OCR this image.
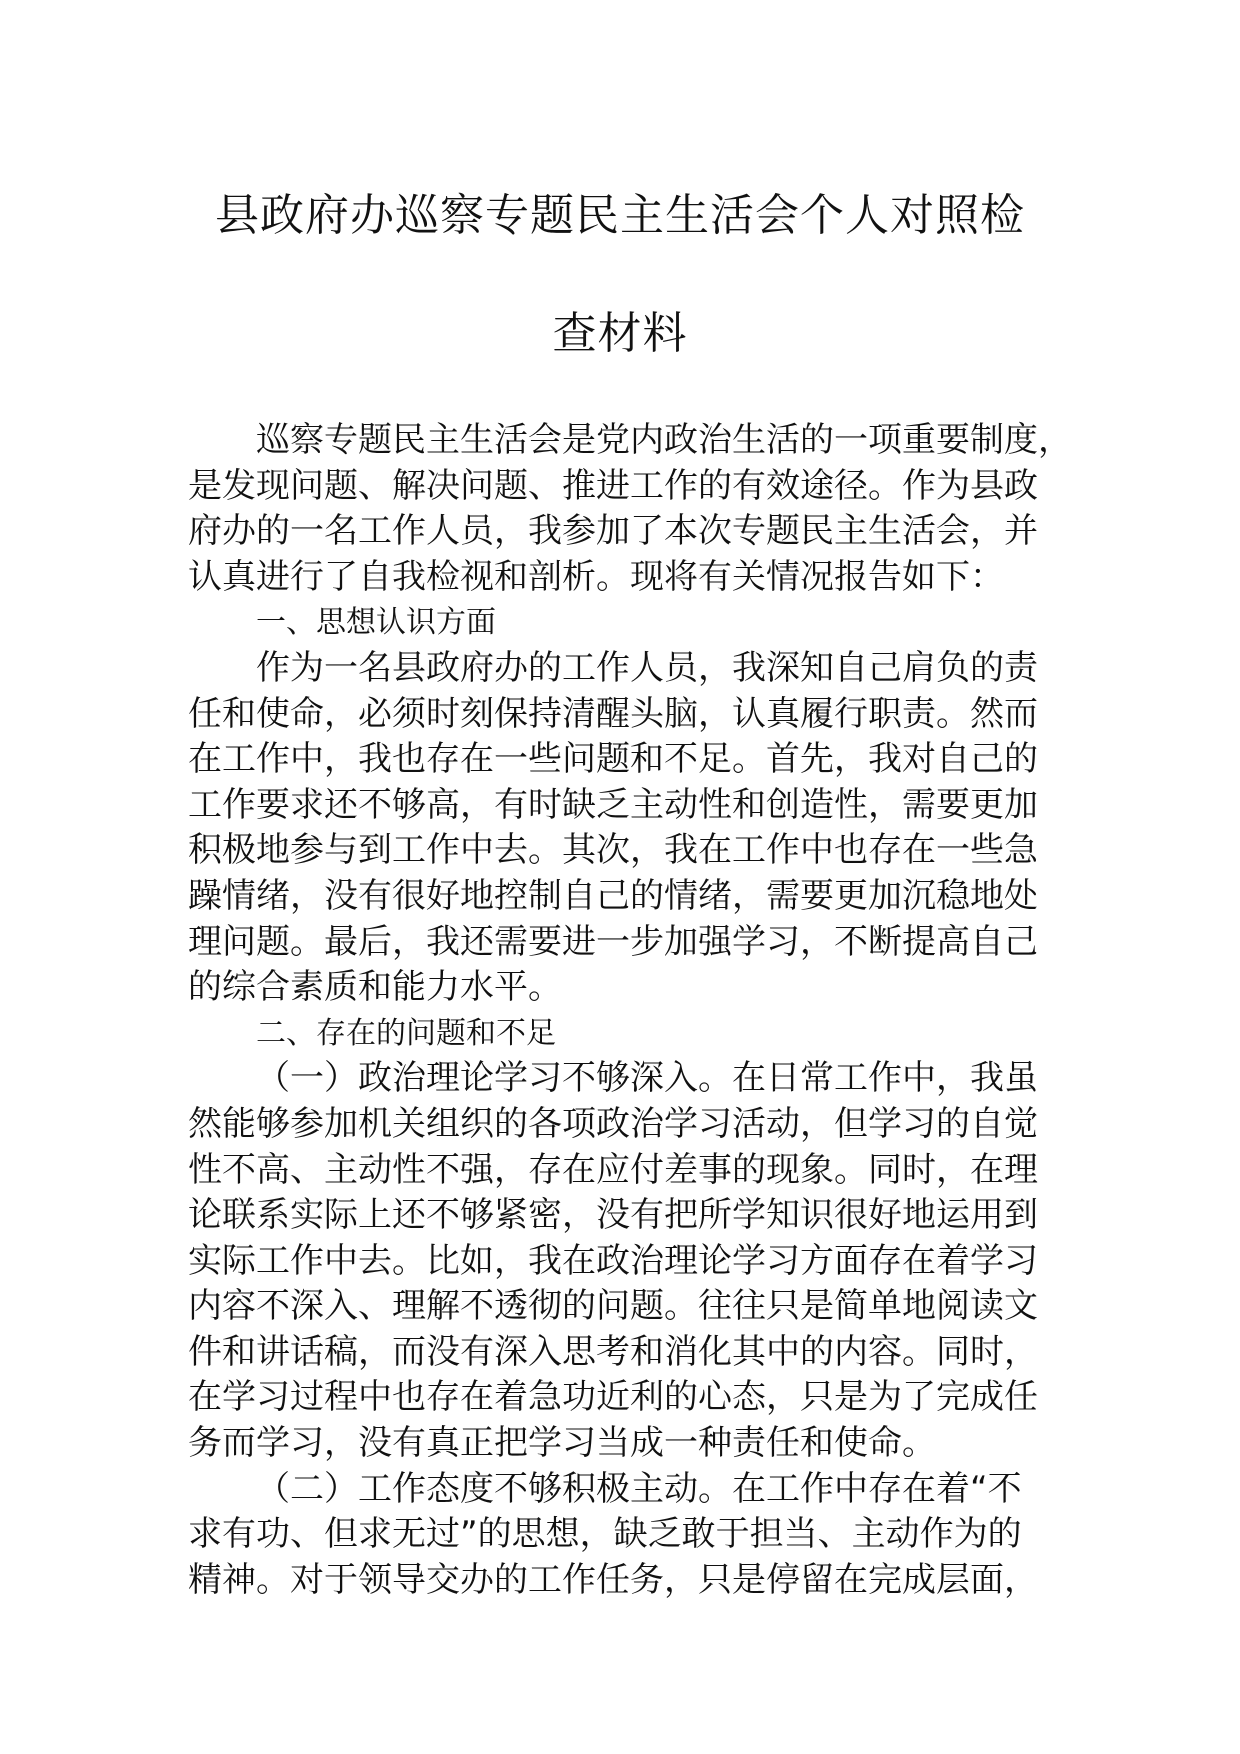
县政府办巡察专题民主生活会个人对照检
查材料
巡察专题民主生活会是党内政治生活的一项重要制度，
是发现问题、解决问题、推进工作的有效途径。作为县政
府办的一名工作人员，我参加了本次专题民主生活会，并
认真进行了自我检视和剖析。现将有关情况报告如下：
一、思想认识方面
作为一名县政府办的工作人员，我深知自己肩负的责
任和使命，必须时刻保持清醒头脑，认真履行职责。然而
在工作中，我也存在一些问题和不足。首先，我对自己的
工作要求还不够高，有时缺乏主动性和创造性，需要更加
积极地参与到工作中去。其次，我在工作中也存在一些急
躁情绪，没有很好地控制自己的情绪，需要更加沉稳地处
理问题。最后，我还需要进一步加强学习，不断提高自己
的综合素质和能力水平。
二、存在的问题和不足
（一）政治理论学习不够深入。在日常工作中，我虽
然能够参加机关组织的各项政治学习活动，但学习的自觉
性不高、主动性不强，存在应付差事的现象。同时，在理
论联系实际上还不够紧密，没有把所学知识很好地运用到
实际工作中去。比如，我在政治理论学习方面存在着学习
内容不深入、理解不透彻的问题。往往只是简单地阅读文
件和讲话稿，而没有深入思考和消化其中的内容。同时，
在学习过程中也存在着急功近利的心态，只是为了完成任
务而学习，没有真正把学习当成一种责任和使命。
（二）工作态度不够积极主动。在工作中存在着“不
求有功、但求无过”的思想，缺乏敢于担当、主动作为的
精神。对于领导交办的工作任务，只是停留在完成层面，
